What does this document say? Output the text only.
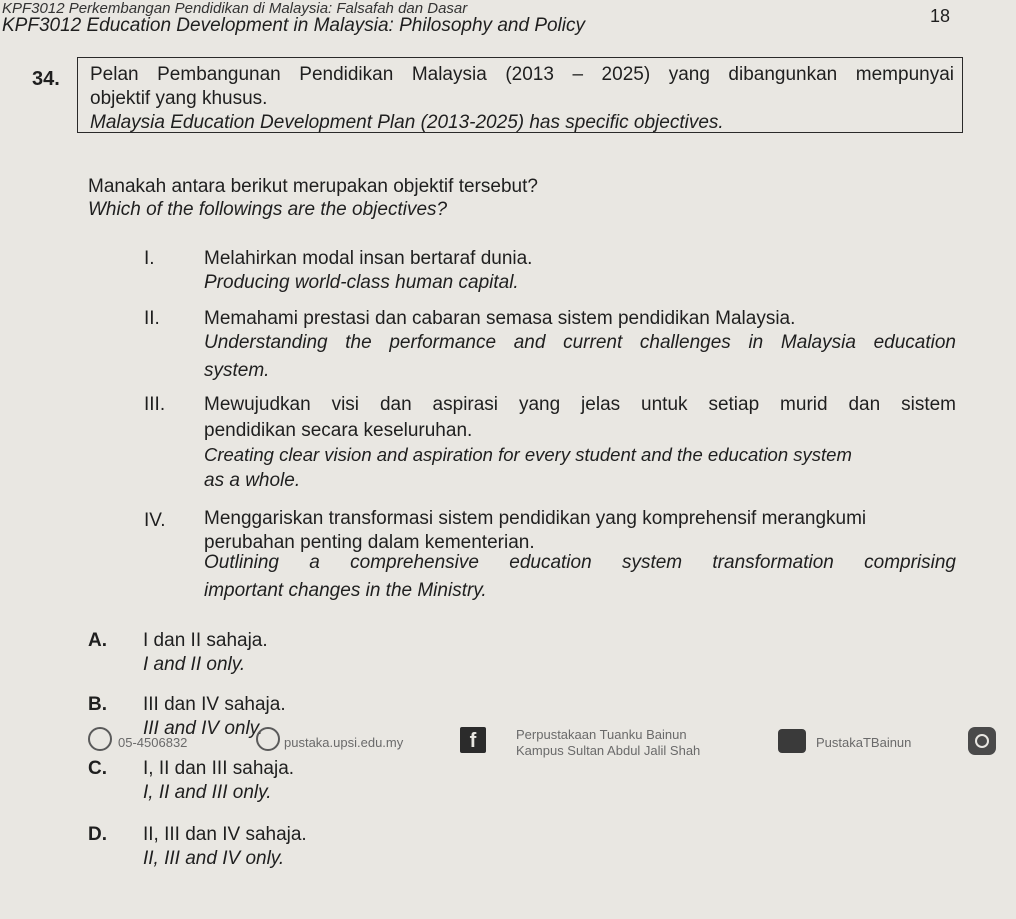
KPF3012 Perkembangan Pendidikan di Malaysia: Falsafah dan Dasar
KPF3012 Education Development in Malaysia: Philosophy and Policy	18
34. Pelan Pembangunan Pendidikan Malaysia (2013 – 2025) yang dibangunkan mempunyai
objektif yang khusus.
Malaysia Education Development Plan (2013-2025) has specific objectives.
Manakah antara berikut merupakan objektif tersebut?
Which of the followings are the objectives?
I.	Melahirkan modal insan bertaraf dunia.
Producing world-class human capital.
II. Memahami prestasi dan cabaran semasa sistem pendidikan Malaysia.
Understanding the performance and current challenges in Malaysia education
system.
III. Mewujudkan visi dan aspirasi yang jelas untuk setiap murid dan sistem
pendidikan secara keseluruhan.
Creating clear vision and aspiration for every student and the education system
as a whole.
IV. Menggariskan transformasi sistem pendidikan yang komprehensif merangkumi
perubahan penting dalam kementerian.
Outlining a comprehensive education system transformation comprising
important changes in the Ministry.
A. I dan II sahaja.
I and II only.
B. III dan IV sahaja.
III and IV only.
05-4506832	pustaka.upsi.edu.my	f	Perpustakaan Tuanku Bainun
Kampus Sultan Abdul Jalil Shah
PustakaTBainun
C. I, II dan III sahaja.
I, II and III only.
D. II, III dan IV sahaja.
II, III and IV only.
